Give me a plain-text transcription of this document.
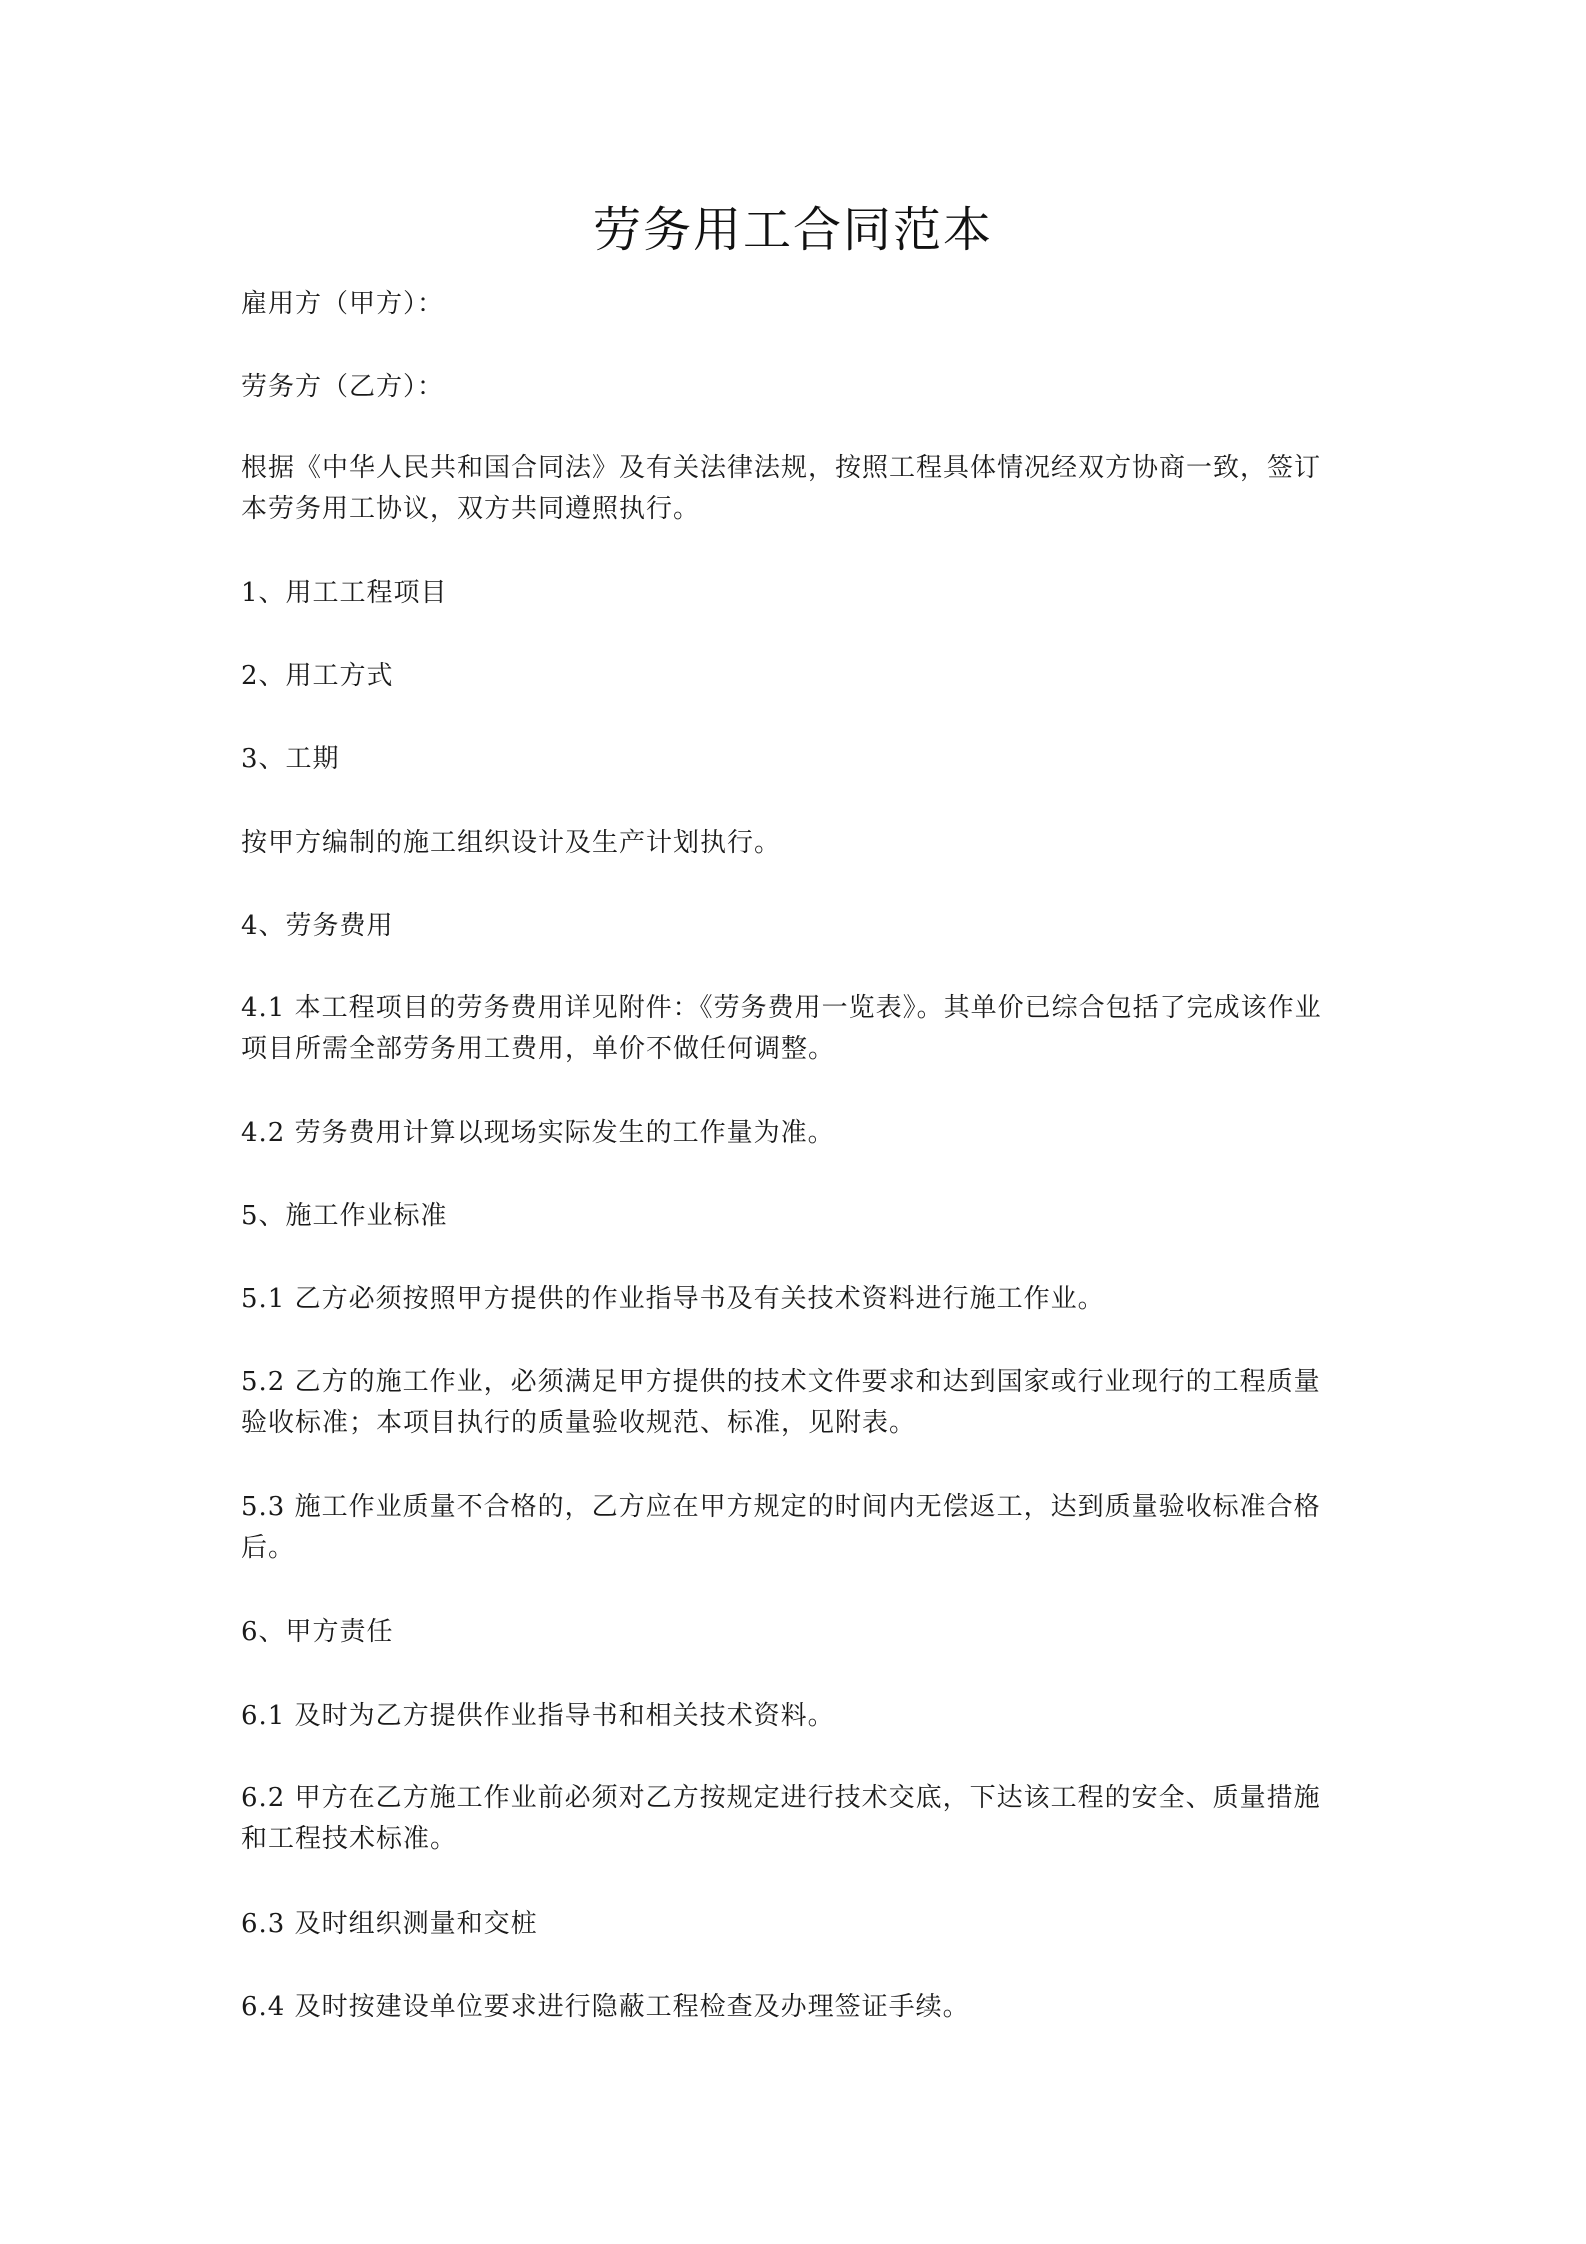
劳务用工合同范本

雇用方（甲方）：

劳务方（乙方）：

根据《中华人民共和国合同法》及有关法律法规，按照工程具体情况经双方协商一致，签订
本劳务用工协议，双方共同遵照执行。

1、用工工程项目

2、用工方式

3、工期

按甲方编制的施工组织设计及生产计划执行。

4、劳务费用

4.1 本工程项目的劳务费用详见附件：《劳务费用一览表》。其单价已综合包括了完成该作业
项目所需全部劳务用工费用，单价不做任何调整。

4.2 劳务费用计算以现场实际发生的工作量为准。

5、施工作业标准

5.1 乙方必须按照甲方提供的作业指导书及有关技术资料进行施工作业。

5.2 乙方的施工作业，必须满足甲方提供的技术文件要求和达到国家或行业现行的工程质量
验收标准；本项目执行的质量验收规范、标准，见附表。

5.3 施工作业质量不合格的，乙方应在甲方规定的时间内无偿返工，达到质量验收标准合格
后。

6、甲方责任

6.1 及时为乙方提供作业指导书和相关技术资料。

6.2 甲方在乙方施工作业前必须对乙方按规定进行技术交底，下达该工程的安全、质量措施
和工程技术标准。

6.3 及时组织测量和交桩

6.4 及时按建设单位要求进行隐蔽工程检查及办理签证手续。
